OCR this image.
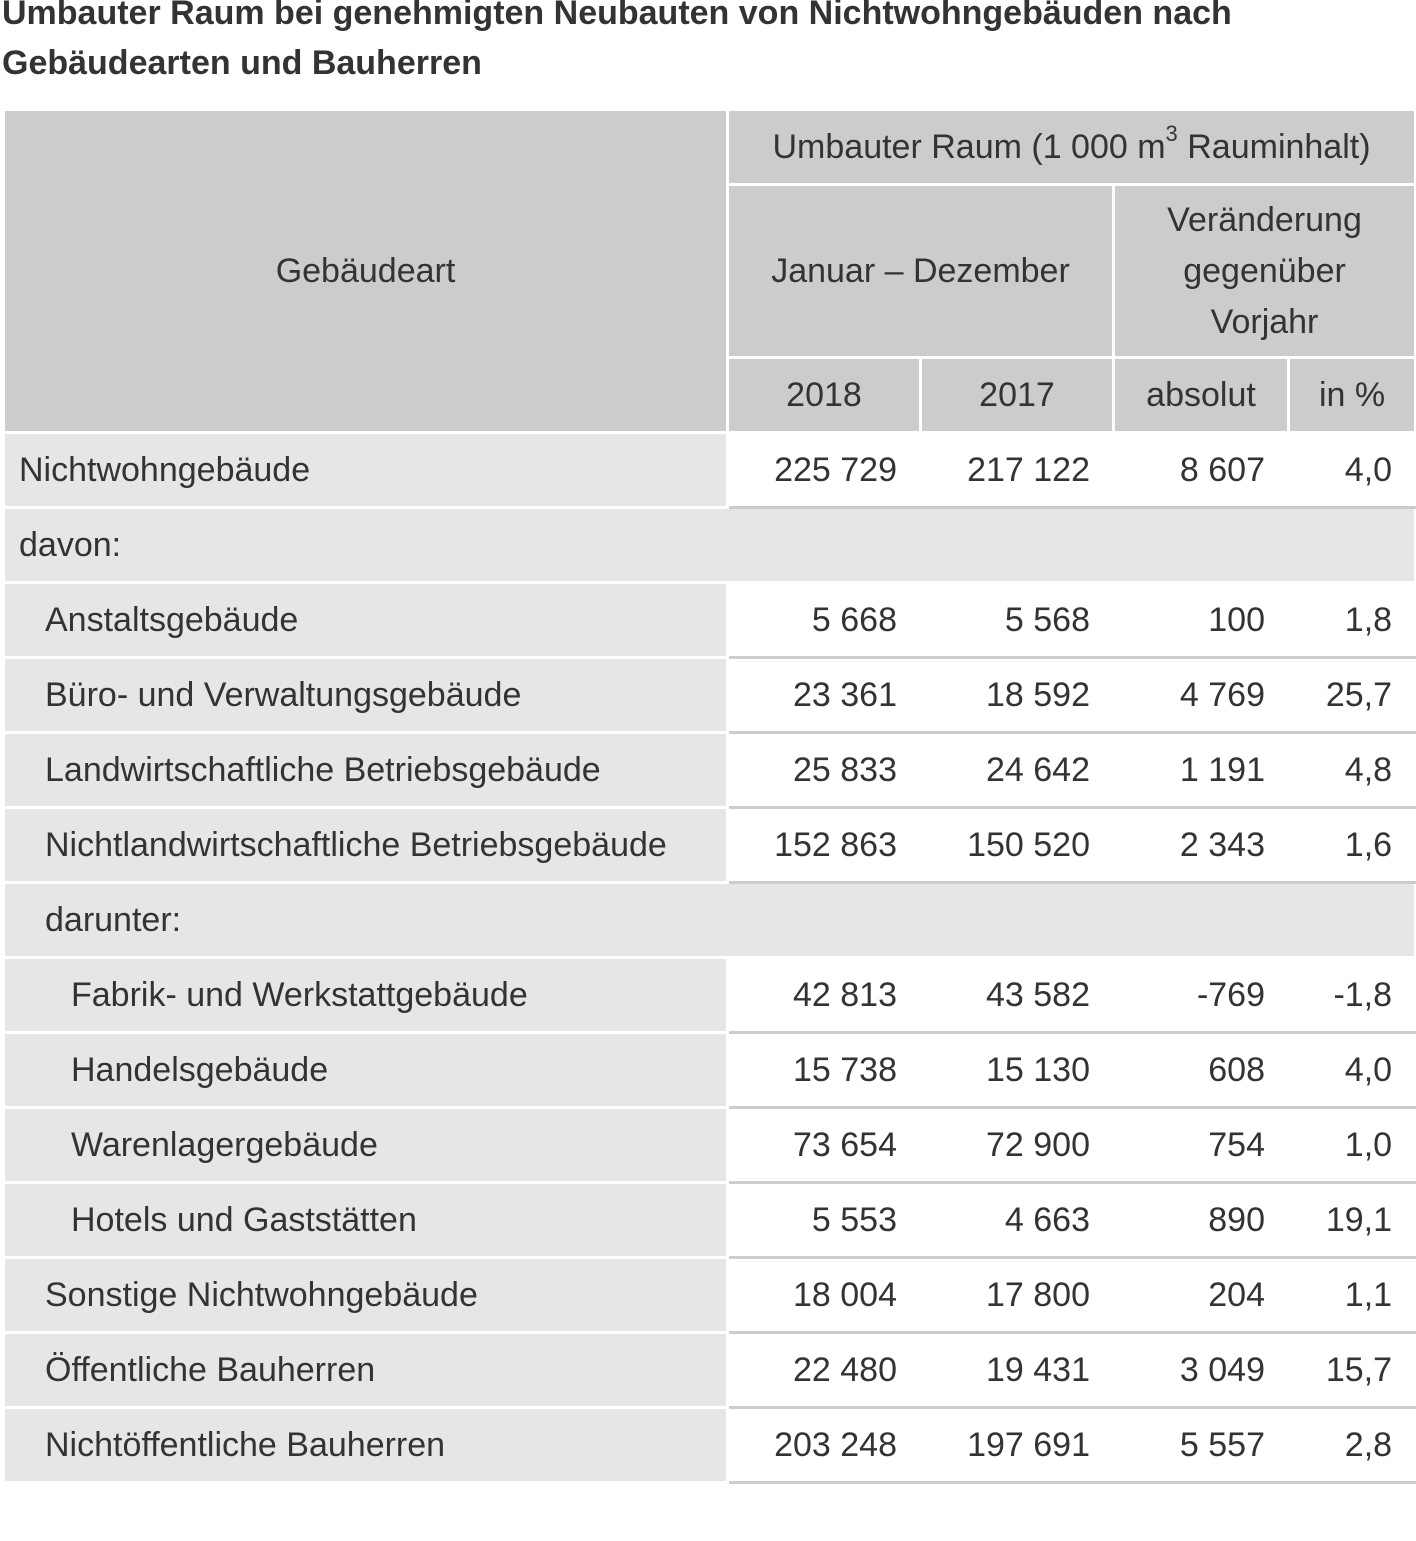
Umbauter Raum bei genehmigten Neubauten von Nichtwohngebäuden nach Gebäudearten und Bauherren
Gebäudeart	Umbauter Raum (1 000 $m^3$ Rauminhalt)			
	Januar – Dezember		Veränderung
gegenüber
Vorjahr	

	2018	2017	absolut	in %
Nichtwohngebäude	225 729	217 122	8 607	4,0
davon:				
Anstaltsgebäude	5 668	5 568	100	1,8
Büro- und Verwaltungsgebäude	23 361	18 592	4 769	25,7
Landwirtschaftliche Betriebsgebäude	25 833	24 642	1 191	4,8
Nichtlandwirtschaftliche Betriebsgebäude	152 863	150 520	2 343	1,6
darunter:				
Fabrik- und Werkstattgebäude	42 813	43 582	-769	-1,8
Handelsgebäude	15 738	15 130	608	4,0
Warenlagergebäude	73 654	72 900	754	1,0
Hotels und Gaststätten	5 553	4 663	890	19,1
Sonstige Nichtwohngebäude	18 004	17 800	204	1,1
Öffentliche Bauherren	22 480	19 431	3 049	15,7
Nichtöffentliche Bauherren	203 248	197 691	5 557	2,8
